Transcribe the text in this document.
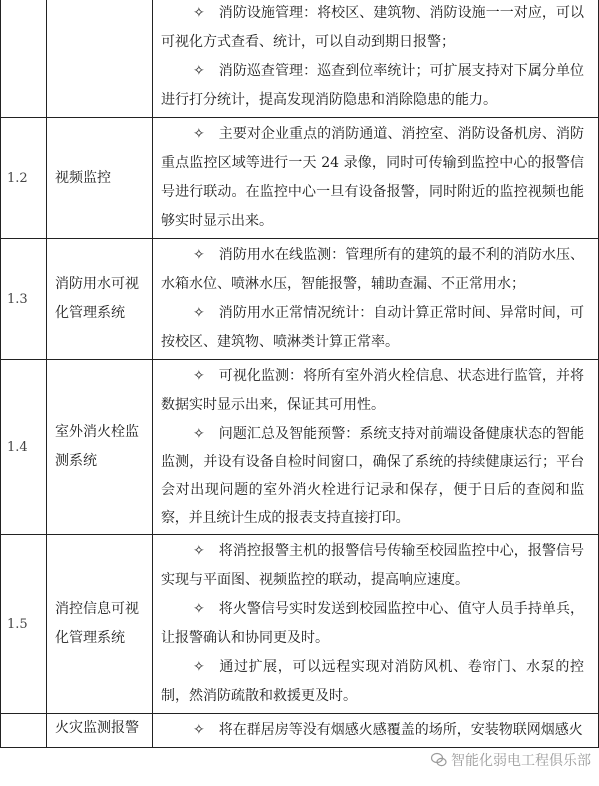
		✧ 消防设施管理：将校区、建筑物、消防设施一一对应，可以可视化方式查看、统计，可以自动到期日报警；
✧ 消防巡查管理：巡查到位率统计；可扩展支持对下属分单位进行打分统计，提高发现消防隐患和消除隐患的能力。

1.2	视频监控	✧ 主要对企业重点的消防通道、消控室、消防设备机房、消防重点监控区域等进行一天 24 录像，同时可传输到监控中心的报警信号进行联动。在监控中心一旦有设备报警，同时附近的监控视频也能够实时显示出来。

1.3	消防用水可视化管理系统	✧ 消防用水在线监测：管理所有的建筑的最不利的消防水压、水箱水位、喷淋水压，智能报警，辅助查漏、不正常用水；
✧ 消防用水正常情况统计：自动计算正常时间、异常时间，可按校区、建筑物、喷淋类计算正常率。

1.4	室外消火栓监测系统	✧ 可视化监测：将所有室外消火栓信息、状态进行监管，并将数据实时显示出来，保证其可用性。
✧ 问题汇总及智能预警：系统支持对前端设备健康状态的智能监测，并设有设备自检时间窗口，确保了系统的持续健康运行；平台会对出现问题的室外消火栓进行记录和保存，便于日后的查阅和监察，并且统计生成的报表支持直接打印。

1.5	消控信息可视化管理系统	✧ 将消控报警主机的报警信号传输至校园监控中心，报警信号实现与平面图、视频监控的联动，提高响应速度。
✧ 将火警信号实时发送到校园监控中心、值守人员手持单兵，让报警确认和协同更及时。
✧ 通过扩展，可以远程实现对消防风机、卷帘门、水泵的控制，然消防疏散和救援更及时。

	火灾监测报警	✧ 将在群居房等没有烟感火感覆盖的场所，安装物联网烟感火
智能化弱电工程俱乐部
